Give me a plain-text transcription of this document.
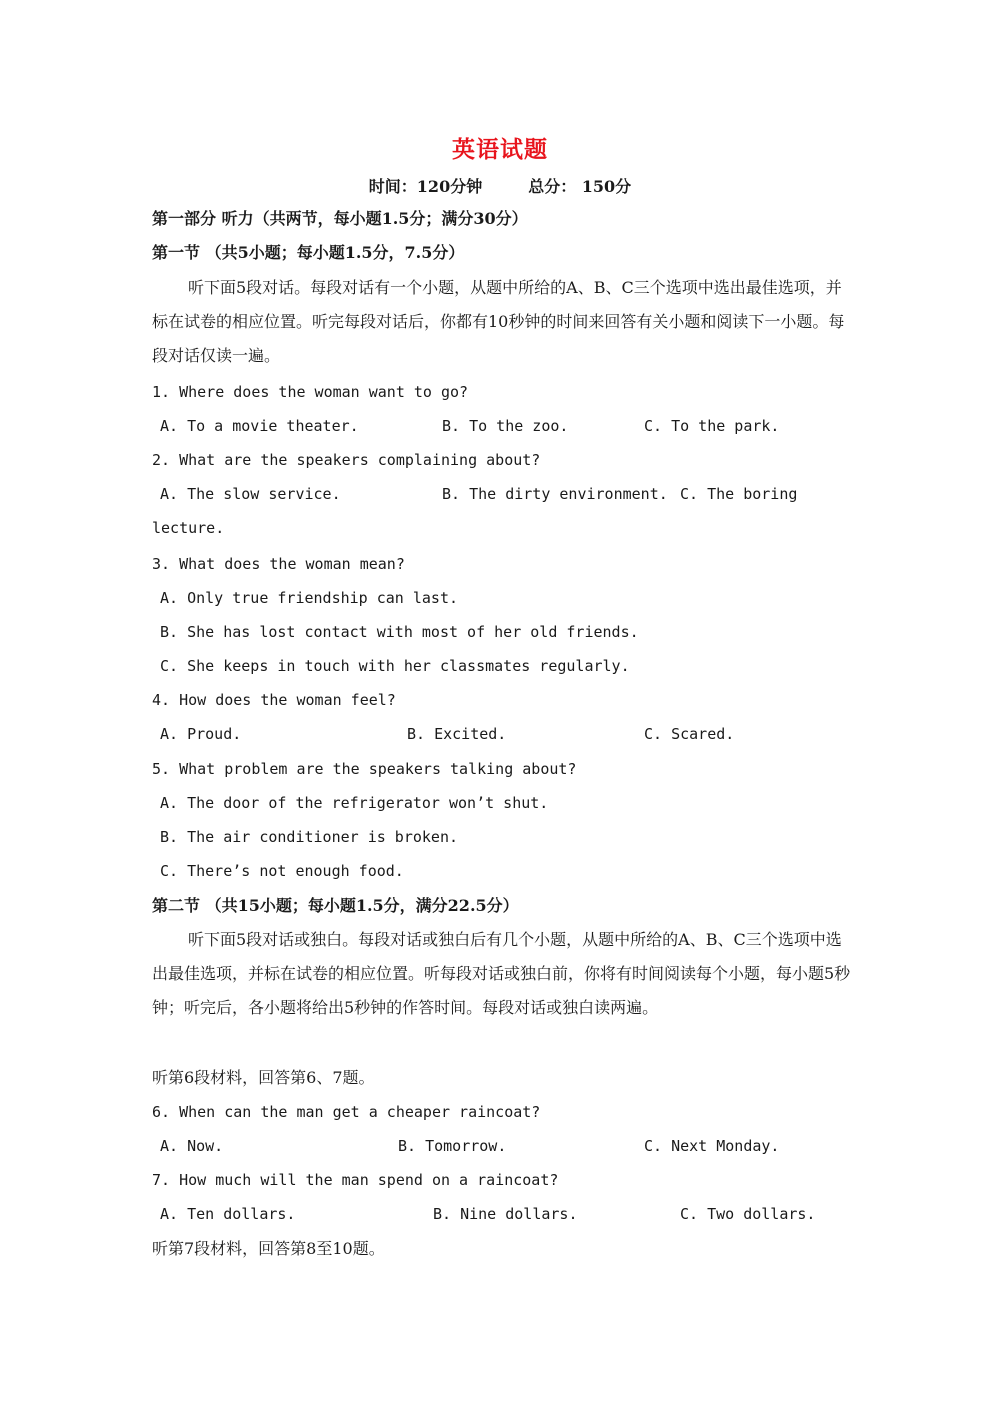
英语试题
时间：120分钟	总分： 150分
第一部分 听力（共两节，每小题1.5分；满分30分）
第一节 （共5小题；每小题1.5分，7.5分）
听下面5段对话。每段对话有一个小题，从题中所给的A、B、C三个选项中选出最佳选项，并标在试卷的相应位置。听完每段对话后，你都有10秒钟的时间来回答有关小题和阅读下一小题。每段对话仅读一遍。
1. Where does the woman want to go?
A. To a movie theater.	B. To the zoo.	C. To the park.
2. What are the speakers complaining about?
A. The slow service.	B. The dirty environment. C. The boring
lecture.
3. What does the woman mean?
A. Only true friendship can last.
B. She has lost contact with most of her old friends.
C. She keeps in touch with her classmates regularly.
4. How does the woman feel?
A. Proud.	B. Excited.	C. Scared.
5. What problem are the speakers talking about?
A. The door of the refrigerator won’t shut.
B. The air conditioner is broken.
C. There’s not enough food.
第二节 （共15小题；每小题1.5分，满分22.5分）
听下面5段对话或独白。每段对话或独白后有几个小题，从题中所给的A、B、C三个选项中选出最佳选项，并标在试卷的相应位置。听每段对话或独白前，你将有时间阅读每个小题，每小题5秒钟；听完后，各小题将给出5秒钟的作答时间。每段对话或独白读两遍。
听第6段材料，回答第6、7题。
6. When can the man get a cheaper raincoat?
A. Now.	B. Tomorrow.	C. Next Monday.
7. How much will the man spend on a raincoat?
A. Ten dollars.	B. Nine dollars.	C. Two dollars.
听第7段材料，回答第8至10题。
